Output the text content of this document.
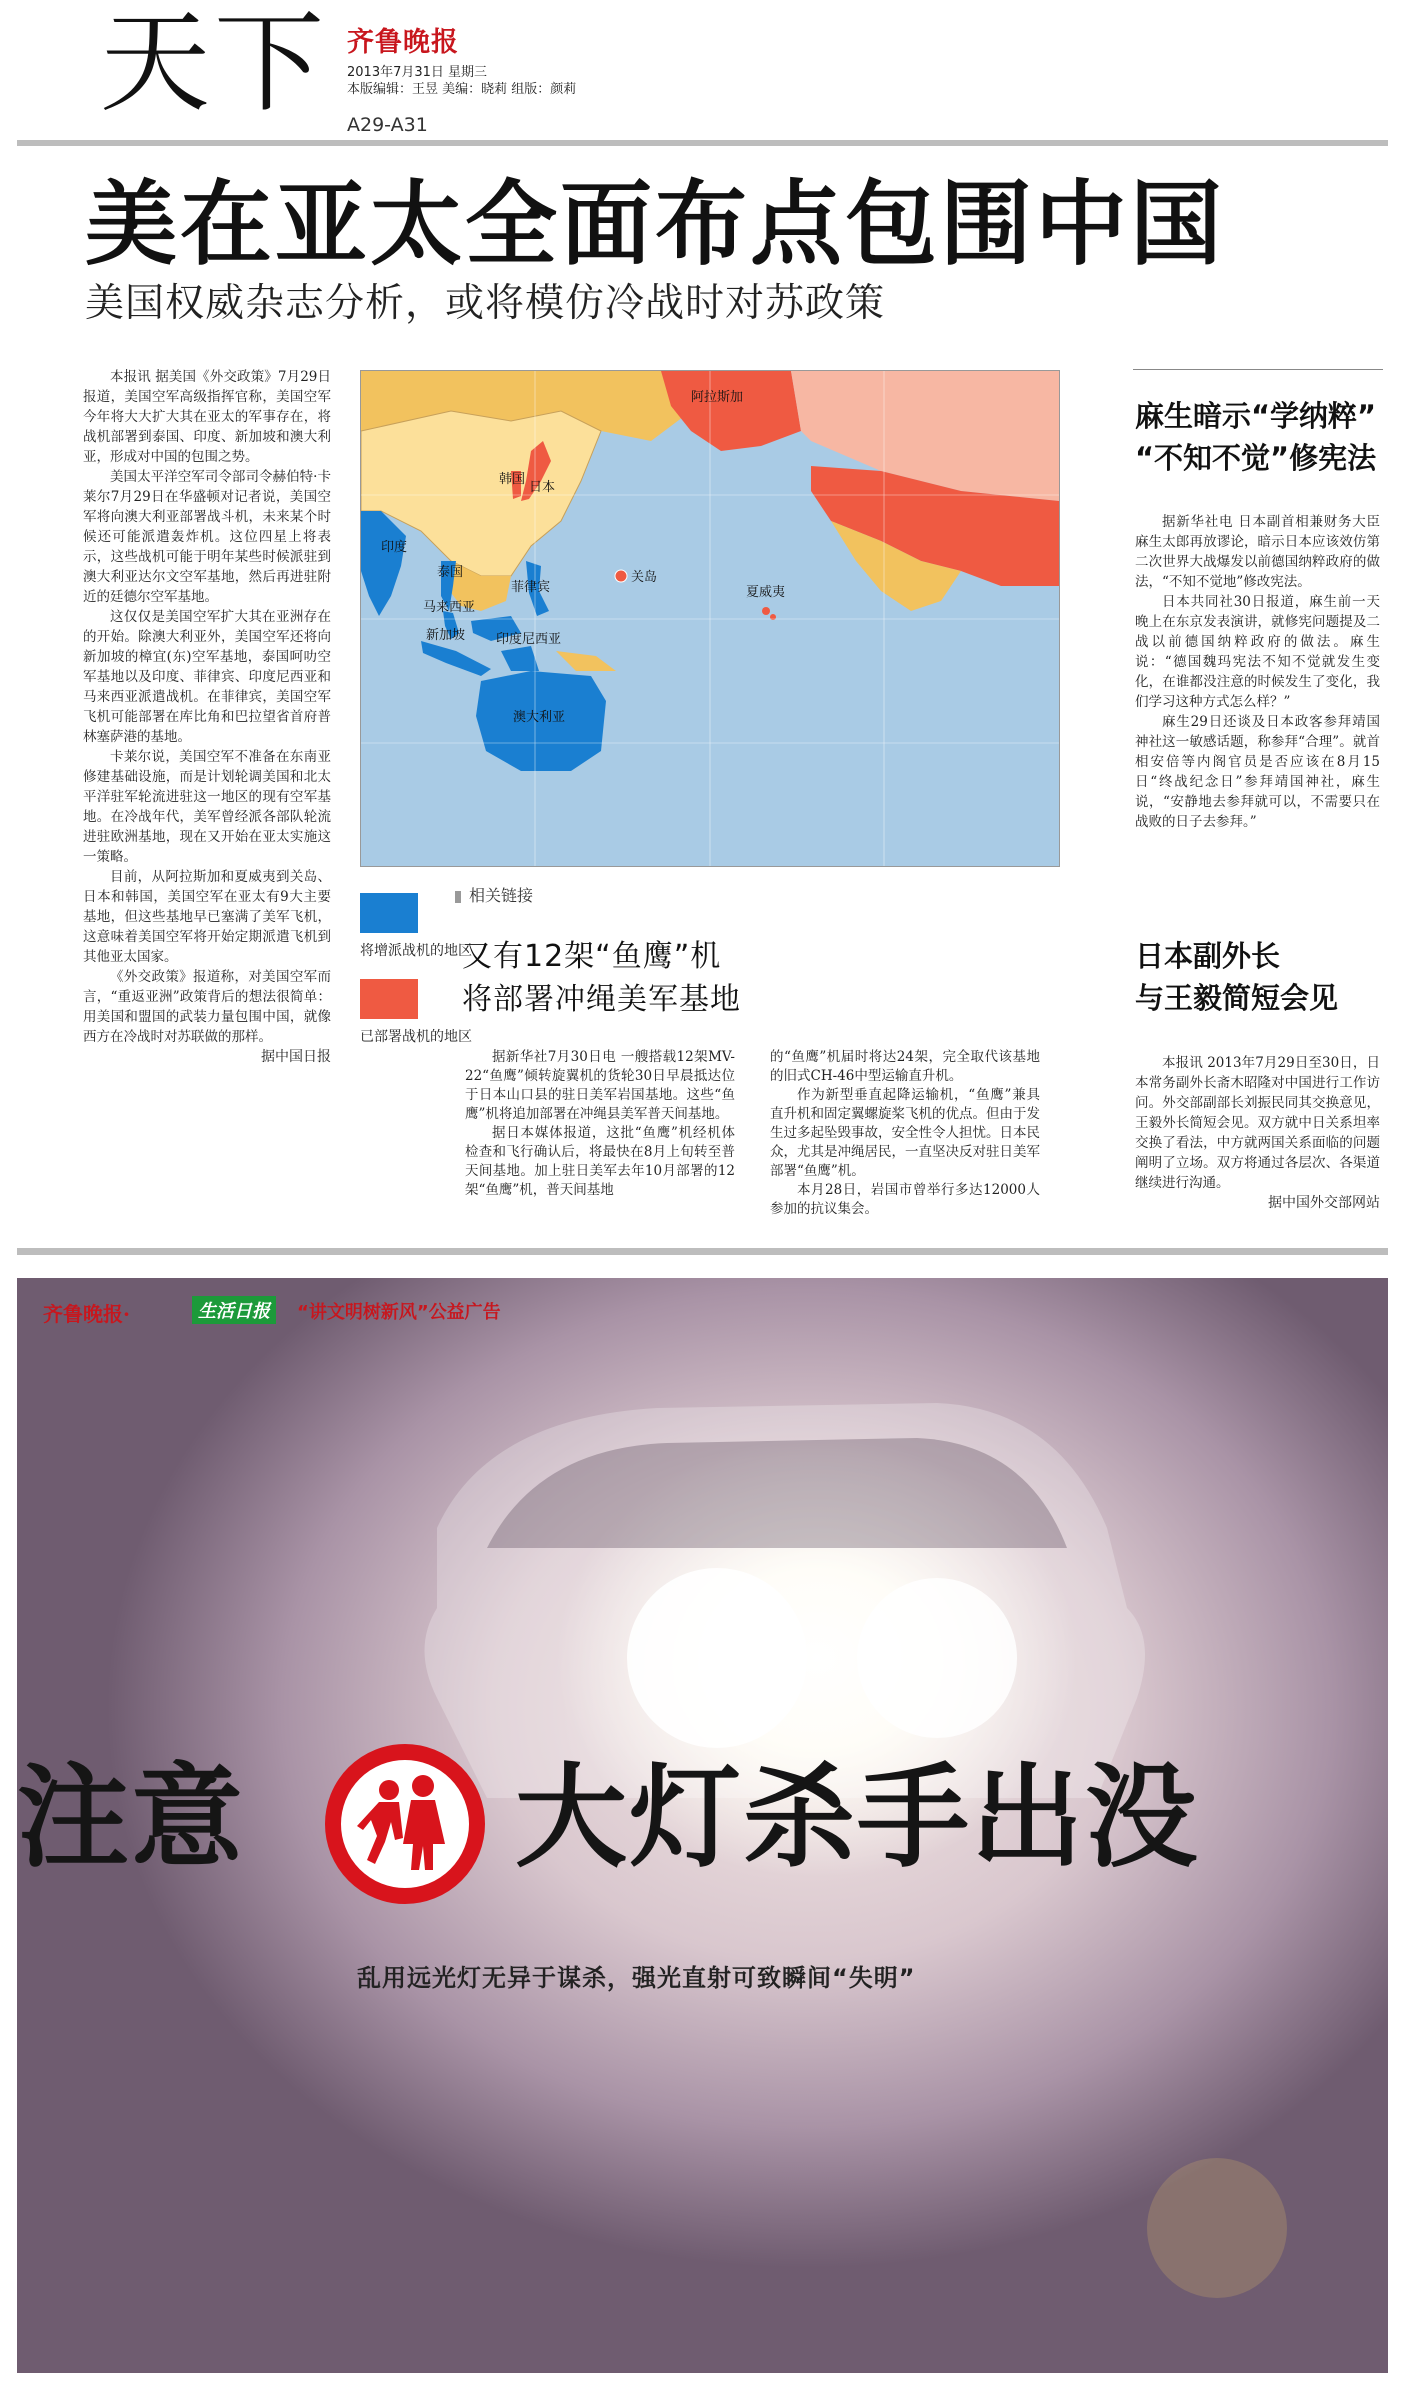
天下 齐鲁晚报
2013年7月31日 星期三
本版编辑：王昱 美编：晓莉 组版：颜莉
A29-A31
美在亚太全面布点包围中国
美国权威杂志分析，或将模仿冷战时对苏政策

本报讯 据美国《外交政策》7月29日报道，美国空军高级指挥官称，美国空军今年将大大扩大其在亚太的军事存在，将战机部署到泰国、印度、新加坡和澳大利亚，形成对中国的包围之势。

美国太平洋空军司令部司令赫伯特·卡莱尔7月29日在华盛顿对记者说，美国空军将向澳大利亚部署战斗机，未来某个时候还可能派遣轰炸机。这位四星上将表示，这些战机可能于明年某些时候派驻到澳大利亚达尔文空军基地，然后再进驻附近的廷德尔空军基地。

这仅仅是美国空军扩大其在亚洲存在的开始。除澳大利亚外，美国空军还将向新加坡的樟宜(东)空军基地，泰国呵叻空军基地以及印度、菲律宾、印度尼西亚和马来西亚派遣战机。在菲律宾，美国空军飞机可能部署在库比角和巴拉望省首府普林塞萨港的基地。

卡莱尔说，美国空军不准备在东南亚修建基础设施，而是计划轮调美国和北太平洋驻军轮流进驻这一地区的现有空军基地。在冷战年代，美军曾经派各部队轮流进驻欧洲基地，现在又开始在亚太实施这一策略。

目前，从阿拉斯加和夏威夷到关岛、日本和韩国，美国空军在亚太有9大主要基地，但这些基地早已塞满了美军飞机，这意味着美国空军将开始定期派遣飞机到其他亚太国家。

《外交政策》报道称，对美国空军而言，“重返亚洲”政策背后的想法很简单：用美国和盟国的武装力量包围中国，就像西方在冷战时对苏联做的那样。

据中国日报
阿拉斯加
韩国
日本
夏威夷
印度
泰国	关岛
菲律宾
马来西亚
新加坡 印度尼西亚
澳大利亚
将增派战机的地区
已部署战机的地区
相关链接
又有12架“鱼鹰”机
将部署冲绳美军基地

据新华社7月30日电 一艘搭载12架MV-22“鱼鹰”倾转旋翼机的货轮30日早晨抵达位于日本山口县的驻日美军岩国基地。这些“鱼鹰”机将追加部署在冲绳县美军普天间基地。

据日本媒体报道，这批“鱼鹰”机经机体检查和飞行确认后，将最快在8月上旬转至普天间基地。加上驻日美军去年10月部署的12架“鱼鹰”机，普天间基地

的“鱼鹰”机届时将达24架，完全取代该基地的旧式CH-46中型运输直升机。

作为新型垂直起降运输机，“鱼鹰”兼具直升机和固定翼螺旋桨飞机的优点。但由于发生过多起坠毁事故，安全性令人担忧。日本民众，尤其是冲绳居民，一直坚决反对驻日美军部署“鱼鹰”机。

本月28日，岩国市曾举行多达12000人参加的抗议集会。

麻生暗示“学纳粹”
“不知不觉”修宪法

据新华社电 日本副首相兼财务大臣麻生太郎再放谬论，暗示日本应该效仿第二次世界大战爆发以前德国纳粹政府的做法，“不知不觉地”修改宪法。

日本共同社30日报道，麻生前一天晚上在东京发表演讲，就修宪问题提及二战以前德国纳粹政府的做法。麻生说：“德国魏玛宪法不知不觉就发生变化，在谁都没注意的时候发生了变化，我们学习这种方式怎么样？”

麻生29日还谈及日本政客参拜靖国神社这一敏感话题，称参拜“合理”。就首相安倍等内阁官员是否应该在8月15日“终战纪念日”参拜靖国神社，麻生说，“安静地去参拜就可以，不需要只在战败的日子去参拜。”

日本副外长
与王毅简短会见

本报讯 2013年7月29日至30日，日本常务副外长斋木昭隆对中国进行工作访问。外交部副部长刘振民同其交换意见，王毅外长简短会见。双方就中日关系坦率交换了看法，中方就两国关系面临的问题阐明了立场。双方将通过各层次、各渠道继续进行沟通。

据中国外交部网站
齐鲁晚报·	生活日报	“讲文明树新风”公益广告
注意 大灯杀手出没
乱用远光灯无异于谋杀，强光直射可致瞬间“失明”
